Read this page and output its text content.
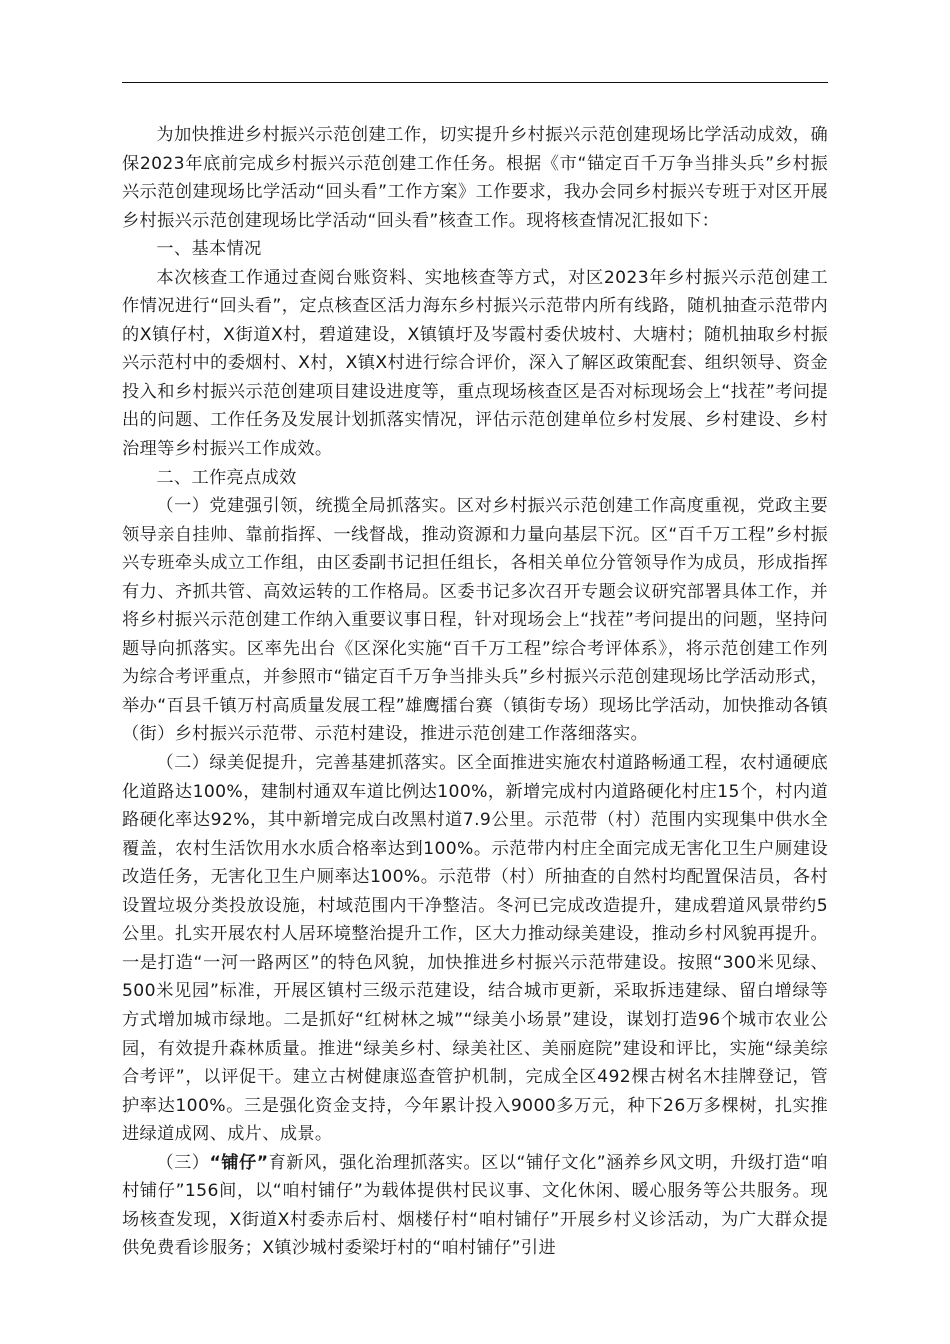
为加快推进乡村振兴示范创建工作，切实提升乡村振兴示范创建现场比学活动成效，确保2023年底前完成乡村振兴示范创建工作任务。根据《市“锚定百千万争当排头兵”乡村振兴示范创建现场比学活动“回头看”工作方案》工作要求，我办会同乡村振兴专班于对区开展乡村振兴示范创建现场比学活动“回头看”核查工作。现将核查情况汇报如下：

一、基本情况

本次核查工作通过查阅台账资料、实地核查等方式，对区2023年乡村振兴示范创建工作情况进行“回头看”，定点核查区活力海东乡村振兴示范带内所有线路，随机抽查示范带内的X镇仔村，X街道X村，碧道建设，X镇镇圩及岑霞村委伏坡村、大塘村；随机抽取乡村振兴示范村中的委烟村、X村，X镇X村进行综合评价，深入了解区政策配套、组织领导、资金投入和乡村振兴示范创建项目建设进度等，重点现场核查区是否对标现场会上“找茬”考问提出的问题、工作任务及发展计划抓落实情况，评估示范创建单位乡村发展、乡村建设、乡村治理等乡村振兴工作成效。

二、工作亮点成效

（一）党建强引领，统揽全局抓落实。区对乡村振兴示范创建工作高度重视，党政主要领导亲自挂帅、靠前指挥、一线督战，推动资源和力量向基层下沉。区“百千万工程”乡村振兴专班牵头成立工作组，由区委副书记担任组长，各相关单位分管领导作为成员，形成指挥有力、齐抓共管、高效运转的工作格局。区委书记多次召开专题会议研究部署具体工作，并将乡村振兴示范创建工作纳入重要议事日程，针对现场会上“找茬”考问提出的问题，坚持问题导向抓落实。区率先出台《区深化实施“百千万工程”综合考评体系》，将示范创建工作列为综合考评重点，并参照市“锚定百千万争当排头兵”乡村振兴示范创建现场比学活动形式，举办“百县千镇万村高质量发展工程”雄鹰擂台赛（镇街专场）现场比学活动，加快推动各镇（街）乡村振兴示范带、示范村建设，推进示范创建工作落细落实。

（二）绿美促提升，完善基建抓落实。区全面推进实施农村道路畅通工程，农村通硬底化道路达100%，建制村通双车道比例达100%，新增完成村内道路硬化村庄15个，村内道路硬化率达92%，其中新增完成白改黑村道7.9公里。示范带（村）范围内实现集中供水全覆盖，农村生活饮用水水质合格率达到100%。示范带内村庄全面完成无害化卫生户厕建设改造任务，无害化卫生户厕率达100%。示范带（村）所抽查的自然村均配置保洁员，各村设置垃圾分类投放设施，村域范围内干净整洁。冬河已完成改造提升，建成碧道风景带约5公里。扎实开展农村人居环境整治提升工作，区大力推动绿美建设，推动乡村风貌再提升。一是打造“一河一路两区”的特色风貌，加快推进乡村振兴示范带建设。按照“300米见绿、500米见园”标准，开展区镇村三级示范建设，结合城市更新，采取拆违建绿、留白增绿等方式增加城市绿地。二是抓好“红树林之城”“绿美小场景”建设，谋划打造96个城市农业公园，有效提升森林质量。推进“绿美乡村、绿美社区、美丽庭院”建设和评比，实施“绿美综合考评”，以评促干。建立古树健康巡查管护机制，完成全区492棵古树名木挂牌登记，管护率达100%。三是强化资金支持，今年累计投入9000多万元，种下26万多棵树，扎实推进绿道成网、成片、成景。

（三）“铺仔”育新风，强化治理抓落实。区以“铺仔文化”涵养乡风文明，升级打造“咱村铺仔”156间，以“咱村铺仔”为载体提供村民议事、文化休闲、暖心服务等公共服务。现场核查发现，X街道X村委赤后村、烟楼仔村“咱村铺仔”开展乡村义诊活动，为广大群众提供免费看诊服务；X镇沙城村委梁圩村的“咱村铺仔”引进
